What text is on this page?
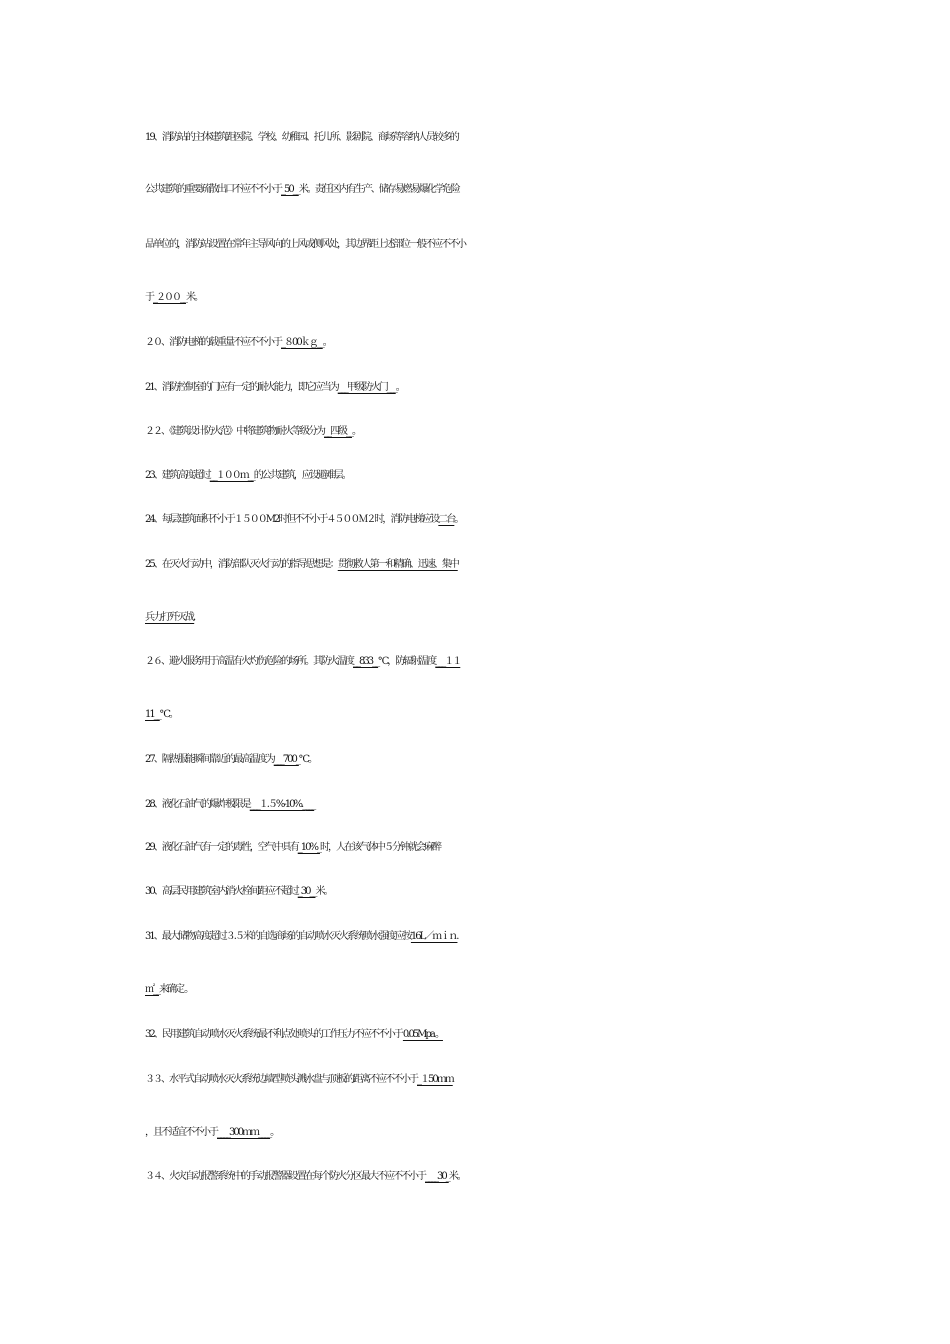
19、消防站的主体建筑距医院、学校、幼稚园、托儿所、影剧院、商场等容纳人员较多的
公共建筑的重要疏散出口不应不不小于_50__米。责任区内有生产、储存易燃易爆化学危险
品单位的，消防站设置在常年主导风向的上风或侧风处，其边界距上述部位一般不应不不小
于_２００__米。
２０、消防电梯的载重量不应不不小于_８00ｋｇ__。
21、消防控制室的门应有一定的耐火能力，即它应当为___甲级防火门___。
２２、《建筑设计防火范》中将建筑物耐火等级分为__四级__。
23、建筑高度超过__１００ｍ__的公共建筑，应设避难层。
24、每层建筑面积不小于１５００M2时但不不小于４５００Ｍ２时，消防电梯应设二台。
25、在灭火行动中，消防部队灭火行动的指导思想是：贯彻救人第一和精确、迅速、集中
兵力打歼灭战.
２６、避火服务用于高温有火灼伤危险的场所。其防火温度__833__℃，防辐射温度___１１
11__℃。
27、隔热服能瞬间靠近的最高温度为___700_℃。
28、液化石油气的爆炸极限是___１.５%-10%.____
29、液化石油气有一定的毒性，空气中具有_10%_时，人在该气体中５分钟就会麻醉
30、高层民用建筑室内消火栓间距应不超过_30__米。
31、最大储物高度超过３.５米的自选商场的自动喷水灭火系统喷水强度应按16L／ｍｉｎ.
㎡__来确定 。
32、民用建筑自动喷水灭火系统最不利点处喷头的工作压力不应不不小于 0.05Mpa 。
３３、水平式自动喷水灭火系统边墙型喷头溅水盘与顶板的距离不应不不小于_１50ｍｍ
，且不适宜不不小于____300ｍｍ____。
３４、火灾自动报警系统中的手动报警器设置在每个防火分区最大不应不不小于____30_米。
